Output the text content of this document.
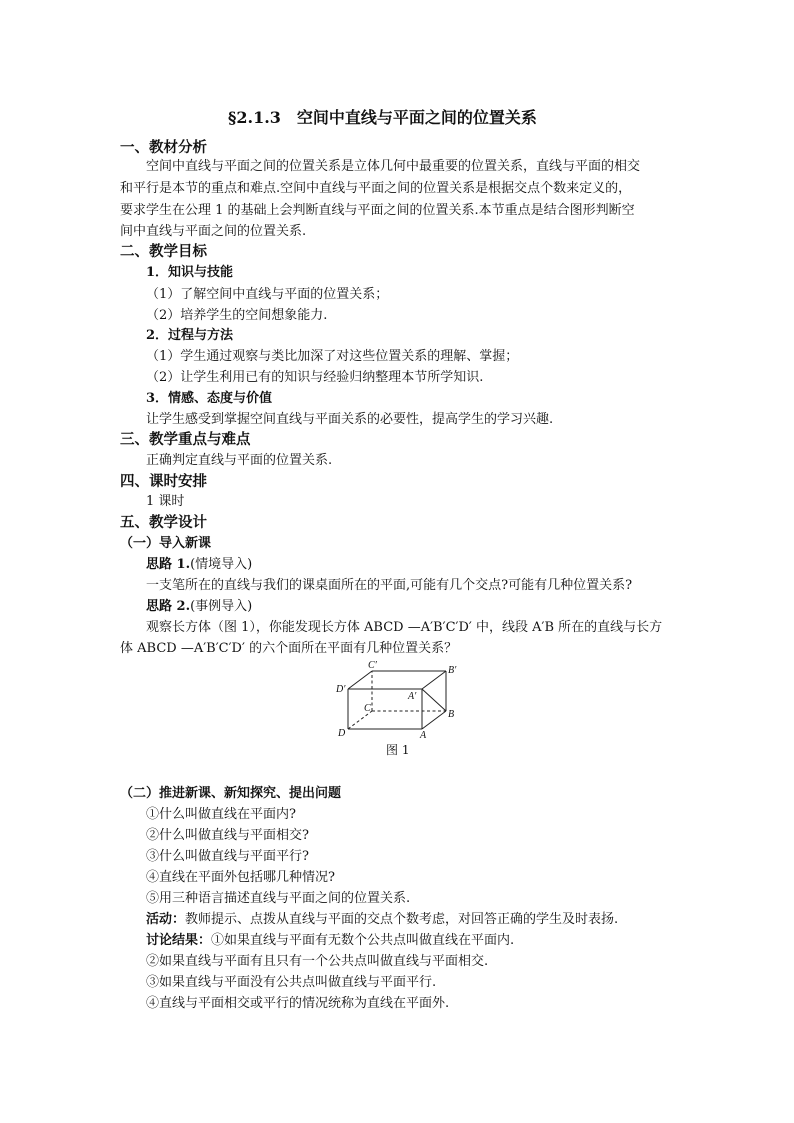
§2.1.3　空间中直线与平面之间的位置关系
一、教材分析
空间中直线与平面之间的位置关系是立体几何中最重要的位置关系，直线与平面的相交
和平行是本节的重点和难点.空间中直线与平面之间的位置关系是根据交点个数来定义的，
要求学生在公理 1 的基础上会判断直线与平面之间的位置关系.本节重点是结合图形判断空
间中直线与平面之间的位置关系.
二、教学目标
1．知识与技能
（1）了解空间中直线与平面的位置关系；
（2）培养学生的空间想象能力.
2．过程与方法
（1）学生通过观察与类比加深了对这些位置关系的理解、掌握；
（2）让学生利用已有的知识与经验归纳整理本节所学知识.
3．情感、态度与价值
让学生感受到掌握空间直线与平面关系的必要性，提高学生的学习兴趣.
三、教学重点与难点
正确判定直线与平面的位置关系.
四、课时安排
1 课时
五、教学设计
（一）导入新课
思路 1.(情境导入)
一支笔所在的直线与我们的课桌面所在的平面,可能有几个交点?可能有几种位置关系?
思路 2.(事例导入)
观察长方体（图 1），你能发现长方体 ABCD —A′B′C′D′ 中，线段 A′B 所在的直线与长方
体 ABCD —A′B′C′D′ 的六个面所在平面有几种位置关系？
C′	B′
D′
A′
C
B
D	A
图 1
（二）推进新课、新知探究、提出问题
①什么叫做直线在平面内?
②什么叫做直线与平面相交?
③什么叫做直线与平面平行?
④直线在平面外包括哪几种情况?
⑤用三种语言描述直线与平面之间的位置关系.
活动：教师提示、点拨从直线与平面的交点个数考虑，对回答正确的学生及时表扬.
讨论结果：①如果直线与平面有无数个公共点叫做直线在平面内.
②如果直线与平面有且只有一个公共点叫做直线与平面相交.
③如果直线与平面没有公共点叫做直线与平面平行.
④直线与平面相交或平行的情况统称为直线在平面外.
